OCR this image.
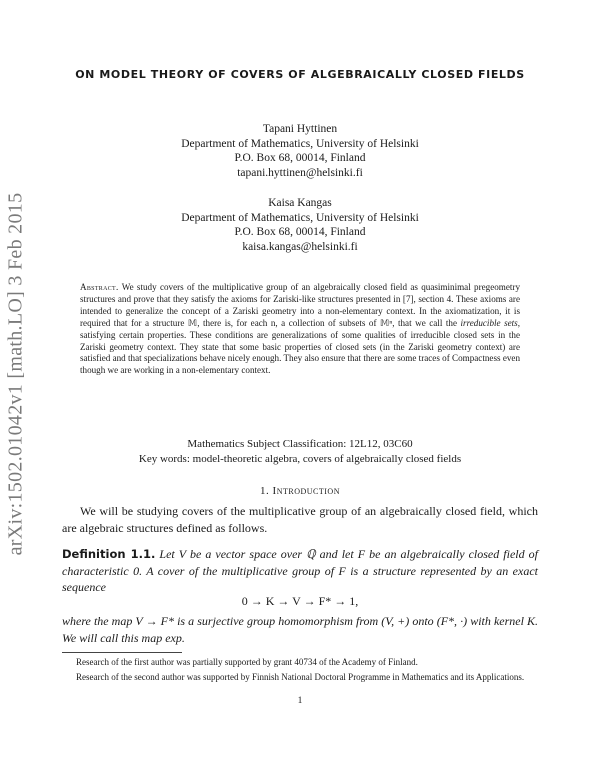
arXiv:1502.01042v1 [math.LO] 3 Feb 2015
ON MODEL THEORY OF COVERS OF ALGEBRAICALLY CLOSED FIELDS
Tapani Hyttinen
Department of Mathematics, University of Helsinki
P.O. Box 68, 00014, Finland
tapani.hyttinen@helsinki.fi
Kaisa Kangas
Department of Mathematics, University of Helsinki
P.O. Box 68, 00014, Finland
kaisa.kangas@helsinki.fi
Abstract. We study covers of the multiplicative group of an algebraically closed field as quasiminimal pregeometry structures and prove that they satisfy the axioms for Zariski-like structures presented in [7], section 4. These axioms are intended to generalize the concept of a Zariski geometry into a non-elementary context. In the axiomatization, it is required that for a structure 𝕄, there is, for each n, a collection of subsets of 𝕄ⁿ, that we call the irreducible sets, satisfying certain properties. These conditions are generalizations of some qualities of irreducible closed sets in the Zariski geometry context. They state that some basic properties of closed sets (in the Zariski geometry context) are satisfied and that specializations behave nicely enough. They also ensure that there are some traces of Compactness even though we are working in a non-elementary context.
Mathematics Subject Classification: 12L12, 03C60
Key words: model-theoretic algebra, covers of algebraically closed fields
1. Introduction
We will be studying covers of the multiplicative group of an algebraically closed field, which are algebraic structures defined as follows.
Definition 1.1. Let V be a vector space over ℚ and let F be an algebraically closed field of characteristic 0. A cover of the multiplicative group of F is a structure represented by an exact sequence
0 → K → V → F* → 1,
where the map V → F* is a surjective group homomorphism from (V, +) onto (F*, ·) with kernel K. We will call this map exp.

Research of the first author was partially supported by grant 40734 of the Academy of Finland.

Research of the second author was supported by Finnish National Doctoral Programme in Mathematics and its Applications.

1
